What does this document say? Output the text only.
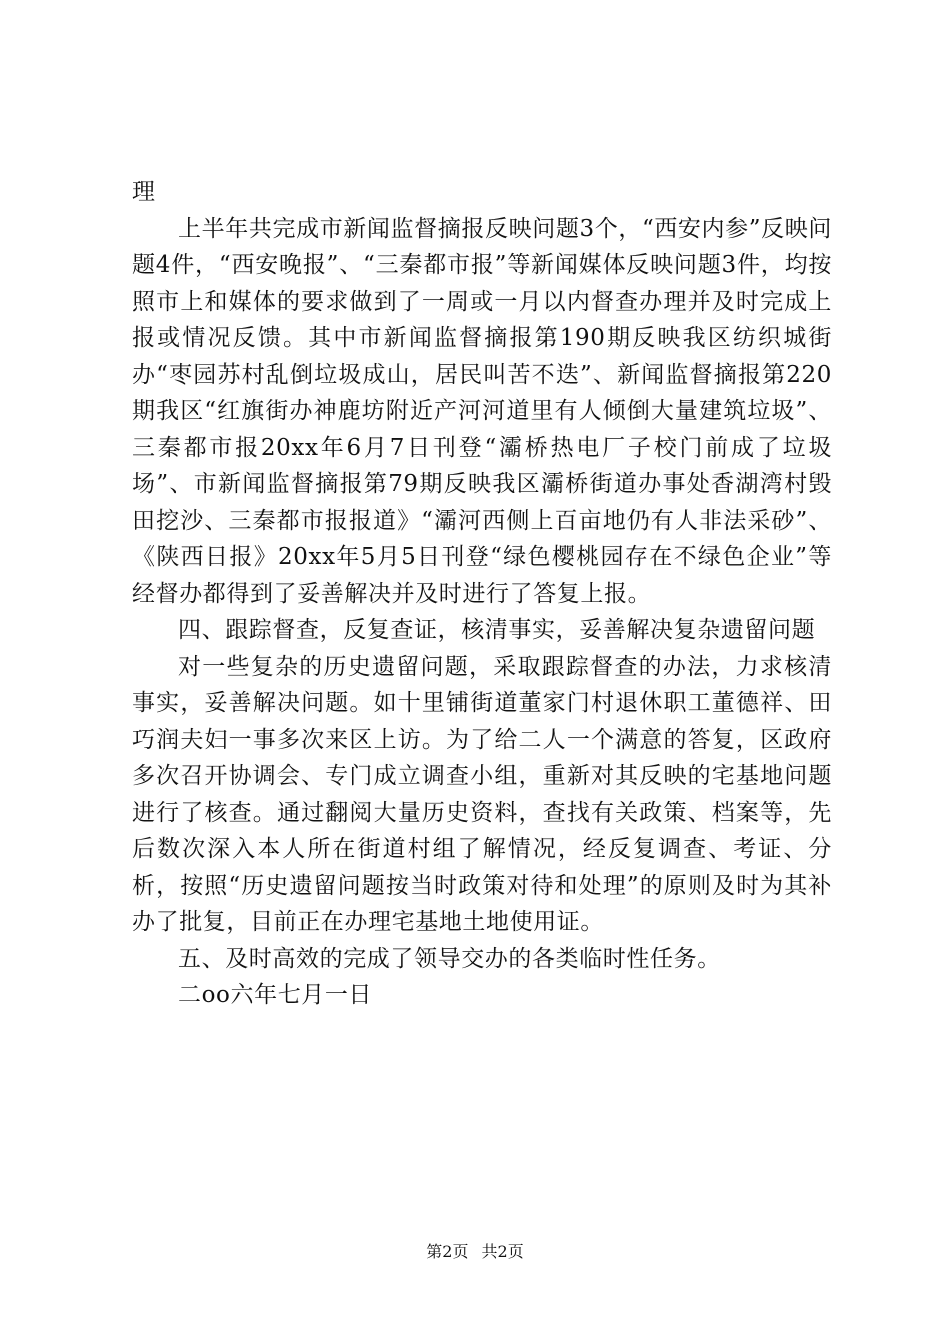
理

上半年共完成市新闻监督摘报反映问题3个，“西安内参”反映问题4件，“西安晚报”、“三秦都市报”等新闻媒体反映问题3件，均按照市上和媒体的要求做到了一周或一月以内督查办理并及时完成上报或情况反馈。其中市新闻监督摘报第190期反映我区纺织城街办“枣园苏村乱倒垃圾成山，居民叫苦不迭”、新闻监督摘报第220期我区“红旗街办神鹿坊附近产河河道里有人倾倒大量建筑垃圾”、三秦都市报20xx年6月7日刊登“灞桥热电厂子校门前成了垃圾场”、市新闻监督摘报第79期反映我区灞桥街道办事处香湖湾村毁田挖沙、三秦都市报报道》“灞河西侧上百亩地仍有人非法采砂”、《陕西日报》20xx年5月5日刊登“绿色樱桃园存在不绿色企业”等经督办都得到了妥善解决并及时进行了答复上报。

四、跟踪督查，反复查证，核清事实，妥善解决复杂遗留问题

对一些复杂的历史遗留问题，采取跟踪督查的办法，力求核清事实，妥善解决问题。如十里铺街道董家门村退休职工董德祥、田巧润夫妇一事多次来区上访。为了给二人一个满意的答复，区政府多次召开协调会、专门成立调查小组，重新对其反映的宅基地问题进行了核查。通过翻阅大量历史资料，查找有关政策、档案等，先后数次深入本人所在街道村组了解情况，经反复调查、考证、分析，按照“历史遗留问题按当时政策对待和处理”的原则及时为其补办了批复，目前正在办理宅基地土地使用证。

五、及时高效的完成了领导交办的各类临时性任务。

二oo六年七月一日

第2页 共2页
